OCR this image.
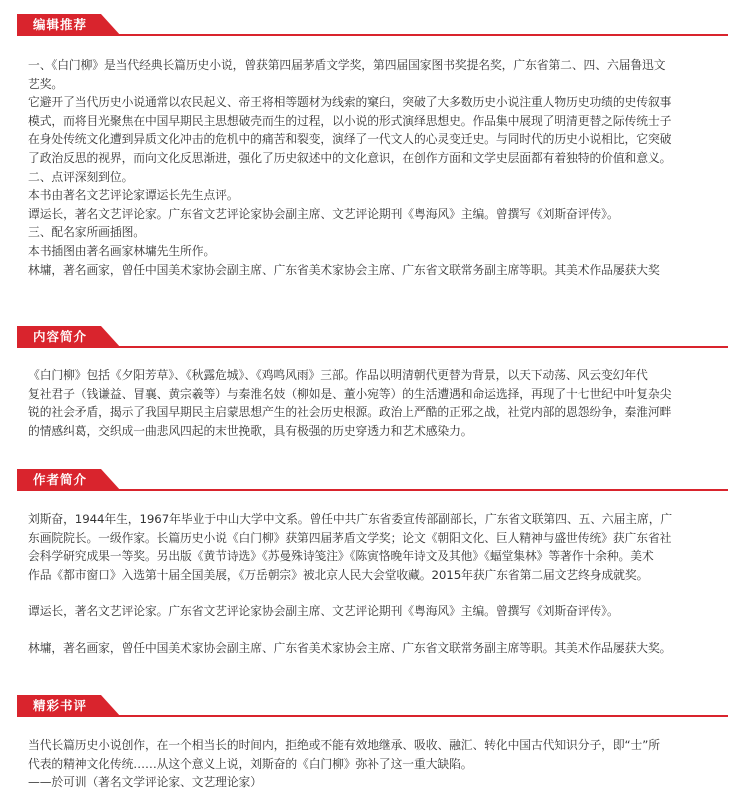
编辑推荐

一、《白门柳》是当代经典长篇历史小说，曾获第四届茅盾文学奖，第四届国家图书奖提名奖，广东省第二、四、六届鲁迅文

艺奖。

它避开了当代历史小说通常以农民起义、帝王将相等题材为线索的窠臼，突破了大多数历史小说注重人物历史功绩的史传叙事

模式，而将目光聚焦在中国早期民主思想破壳而生的过程，以小说的形式演绎思想史。作品集中展现了明清更替之际传统士子

在身处传统文化遭到异质文化冲击的危机中的痛苦和裂变，演绎了一代文人的心灵变迁史。与同时代的历史小说相比，它突破

了政治反思的视界，而向文化反思渐进，强化了历史叙述中的文化意识，在创作方面和文学史层面都有着独特的价值和意义。

二、点评深刻到位。

本书由著名文艺评论家谭运长先生点评。

谭运长，著名文艺评论家。广东省文艺评论家协会副主席、文艺评论期刊《粤海风》主编。曾撰写《刘斯奋评传》。

三、配名家所画插图。

本书插图由著名画家林墉先生所作。

林墉，著名画家，曾任中国美术家协会副主席、广东省美术家协会主席、广东省文联常务副主席等职。其美术作品屡获大奖

内容简介

《白门柳》包括《夕阳芳草》、《秋露危城》、《鸡鸣风雨》三部。作品以明清朝代更替为背景，以天下动荡、风云变幻年代

复社君子（钱谦益、冒襄、黄宗羲等）与秦淮名妓（柳如是、董小宛等）的生活遭遇和命运选择，再现了十七世纪中叶复杂尖

锐的社会矛盾，揭示了我国早期民主启蒙思想产生的社会历史根源。政治上严酷的正邪之战，社党内部的恩怨纷争，秦淮河畔

的情感纠葛，交织成一曲悲风四起的末世挽歌，具有极强的历史穿透力和艺术感染力。

作者简介

刘斯奋，1944年生，1967年毕业于中山大学中文系。曾任中共广东省委宣传部副部长，广东省文联第四、五、六届主席，广

东画院院长。一级作家。长篇历史小说《白门柳》获第四届茅盾文学奖；论文《朝阳文化、巨人精神与盛世传统》获广东省社

会科学研究成果一等奖。另出版《黄节诗选》《苏曼殊诗笺注》《陈寅恪晚年诗文及其他》《蝠堂集林》等著作十余种。美术

作品《都市窗口》入选第十届全国美展，《万岳朝宗》被北京人民大会堂收藏。2015年获广东省第二届文艺终身成就奖。

谭运长，著名文艺评论家。广东省文艺评论家协会副主席、文艺评论期刊《粤海风》主编。曾撰写《刘斯奋评传》。

林墉，著名画家，曾任中国美术家协会副主席、广东省美术家协会主席、广东省文联常务副主席等职。其美术作品屡获大奖。

精彩书评

当代长篇历史小说创作，在一个相当长的时间内，拒绝或不能有效地继承、吸收、融汇、转化中国古代知识分子，即“士”所

代表的精神文化传统……从这个意义上说，刘斯奋的《白门柳》弥补了这一重大缺陷。

——於可训（著名文学评论家、文艺理论家）
